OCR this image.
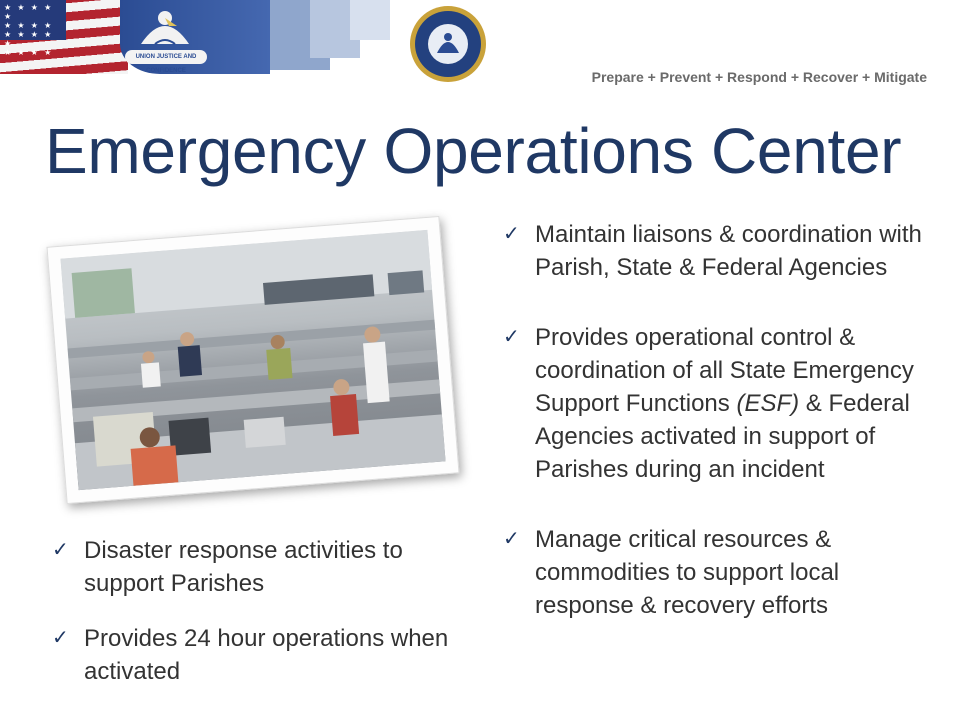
★ ★ ★ ★ ★
★ ★ ★ ★
★ ★ ★ ★ ★
★ ★ ★ ★	UNION JUSTICE AND CONFIDENCE	Prepare + Prevent + Respond + Recover + Mitigate
Emergency Operations Center
✓ Disaster response activities to support Parishes
✓ Provides 24 hour operations when activated
✓ Maintain liaisons & coordination with Parish, State & Federal Agencies
✓ Provides operational control & coordination of all State Emergency Support Functions (ESF) & Federal Agencies activated in support of Parishes during an incident
✓ Manage critical resources & commodities to support local response & recovery efforts
